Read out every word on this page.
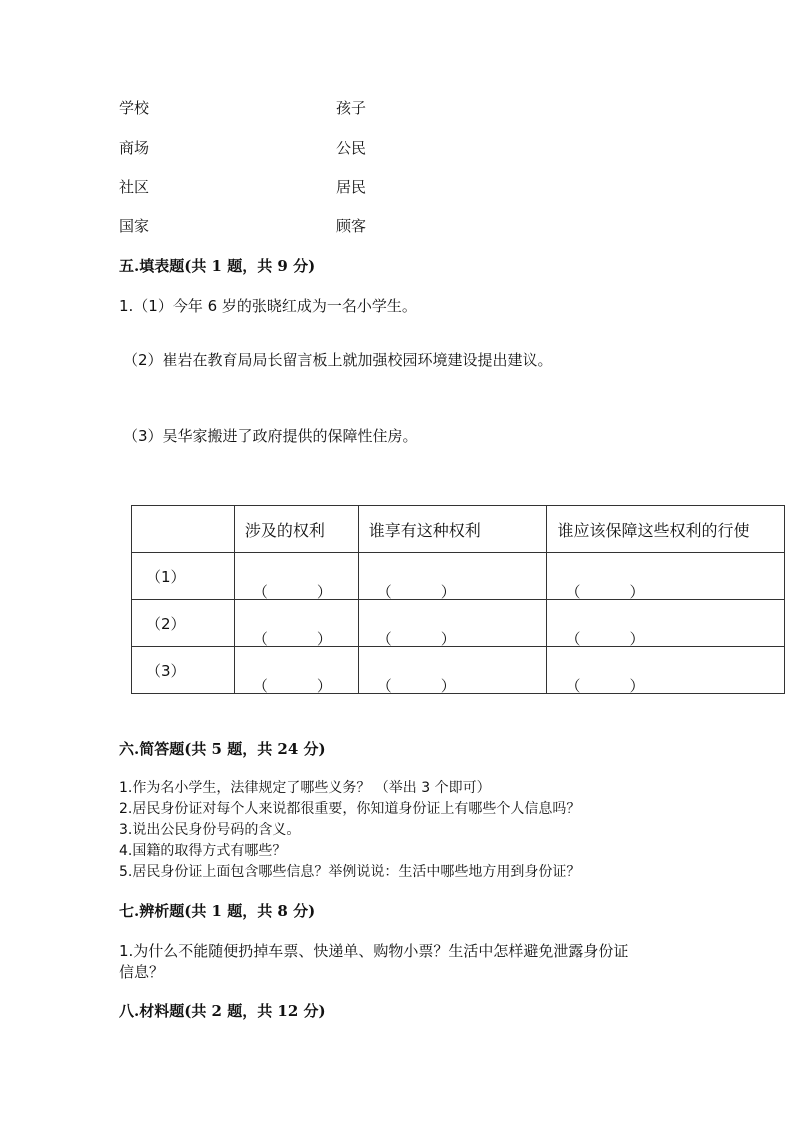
学校	孩子
商场	公民
社区	居民
国家	顾客
五.填表题(共 1 题，共 9 分)
1.（1）今年 6 岁的张晓红成为一名小学生。
（2）崔岩在教育局局长留言板上就加强校园环境建设提出建议。
（3）吴华家搬进了政府提供的保障性住房。
	涉及的权利	谁享有这种权利	谁应该保障这些权利的行使
（1）	（ ）	（ ）	（ ）

（2）	（ ）	（ ）	（ ）

（3）	（ ）	（ ）	（ ）
六.简答题(共 5 题，共 24 分)
1.作为名小学生，法律规定了哪些义务？ （举出 3 个即可）
2.居民身份证对每个人来说都很重要，你知道身份证上有哪些个人信息吗？
3.说出公民身份号码的含义。
4.国籍的取得方式有哪些？
5.居民身份证上面包含哪些信息？举例说说：生活中哪些地方用到身份证？
七.辨析题(共 1 题，共 8 分)
1.为什么不能随便扔掉车票、快递单、购物小票？生活中怎样避免泄露身份证
信息？
八.材料题(共 2 题，共 12 分)
